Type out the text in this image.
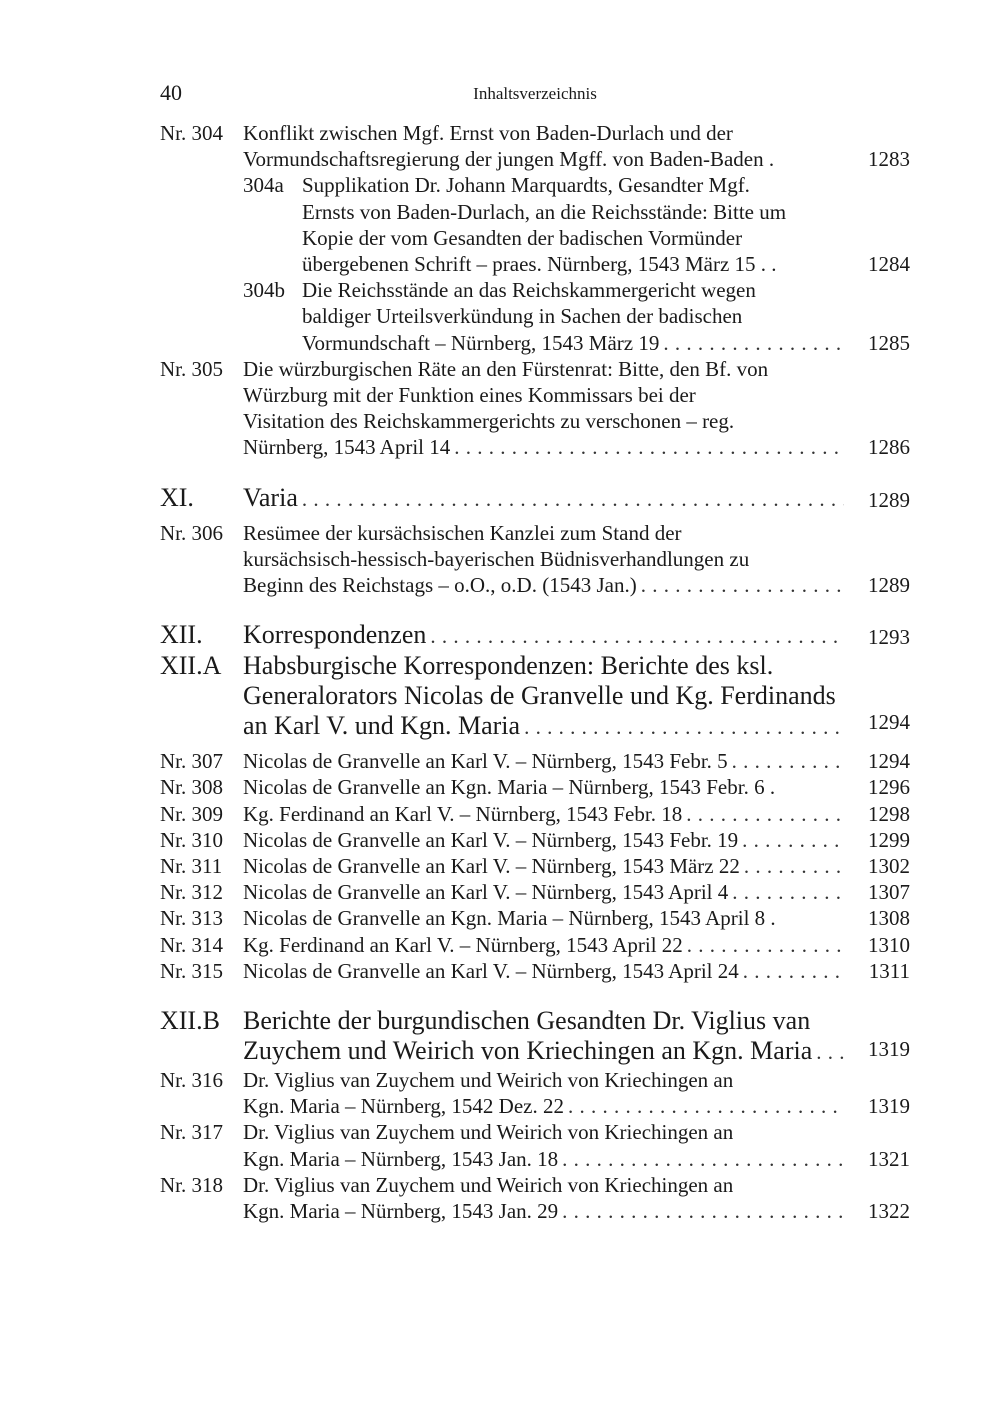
40	Inhaltsverzeichnis
Nr. 304 Konflikt zwischen Mgf. Ernst von Baden-Durlach und der
Vormundschaftsregierung der jungen Mgff. von Baden-Baden .	1283
304a Supplikation Dr. Johann Marquardts, Gesandter Mgf.
Ernsts von Baden-Durlach, an die Reichsstände: Bitte um
Kopie der vom Gesandten der badischen Vormünder
übergebenen Schrift – praes. Nürnberg, 1543 März 15 . .	1284
304b Die Reichsstände an das Reichskammergericht wegen
baldiger Urteilsverkündung in Sachen der badischen
Vormundschaft – Nürnberg, 1543 März 19 . . .	1285
Nr. 305 Die würzburgischen Räte an den Fürstenrat: Bitte, den Bf. von
Würzburg mit der Funktion eines Kommissars bei der
Visitation des Reichskammergerichts zu verschonen – reg.
Nürnberg, 1543 April 14 . . .	1286
XI. Varia . . .	1289
Nr. 306 Resümee der kursächsischen Kanzlei zum Stand der
kursächsisch-hessisch-bayerischen Büdnisverhandlungen zu
Beginn des Reichstags – o.O., o.D. (1543 Jan.) . . .	1289
XII. Korrespondenzen . . .	1293
XII.A Habsburgische Korrespondenzen: Berichte des ksl.
Generalorators Nicolas de Granvelle und Kg. Ferdinands
an Karl V. und Kgn. Maria . . .	1294
Nr. 307 Nicolas de Granvelle an Karl V. – Nürnberg, 1543 Febr. 5 . . .	1294
Nr. 308 Nicolas de Granvelle an Kgn. Maria – Nürnberg, 1543 Febr. 6 .	1296
Nr. 309 Kg. Ferdinand an Karl V. – Nürnberg, 1543 Febr. 18 . . .	1298
Nr. 310 Nicolas de Granvelle an Karl V. – Nürnberg, 1543 Febr. 19 . . .	1299
Nr. 311 Nicolas de Granvelle an Karl V. – Nürnberg, 1543 März 22 . . .	1302
Nr. 312 Nicolas de Granvelle an Karl V. – Nürnberg, 1543 April 4 . . .	1307
Nr. 313 Nicolas de Granvelle an Kgn. Maria – Nürnberg, 1543 April 8 .	1308
Nr. 314 Kg. Ferdinand an Karl V. – Nürnberg, 1543 April 22 . . .	1310
Nr. 315 Nicolas de Granvelle an Karl V. – Nürnberg, 1543 April 24 . . .	1311
XII.B Berichte der burgundischen Gesandten Dr. Viglius van
Zuychem und Weirich von Kriechingen an Kgn. Maria . . .	1319
Nr. 316 Dr. Viglius van Zuychem und Weirich von Kriechingen an
Kgn. Maria – Nürnberg, 1542 Dez. 22 . . .	1319
Nr. 317 Dr. Viglius van Zuychem und Weirich von Kriechingen an
Kgn. Maria – Nürnberg, 1543 Jan. 18 . . .	1321
Nr. 318 Dr. Viglius van Zuychem und Weirich von Kriechingen an
Kgn. Maria – Nürnberg, 1543 Jan. 29 . . .	1322
